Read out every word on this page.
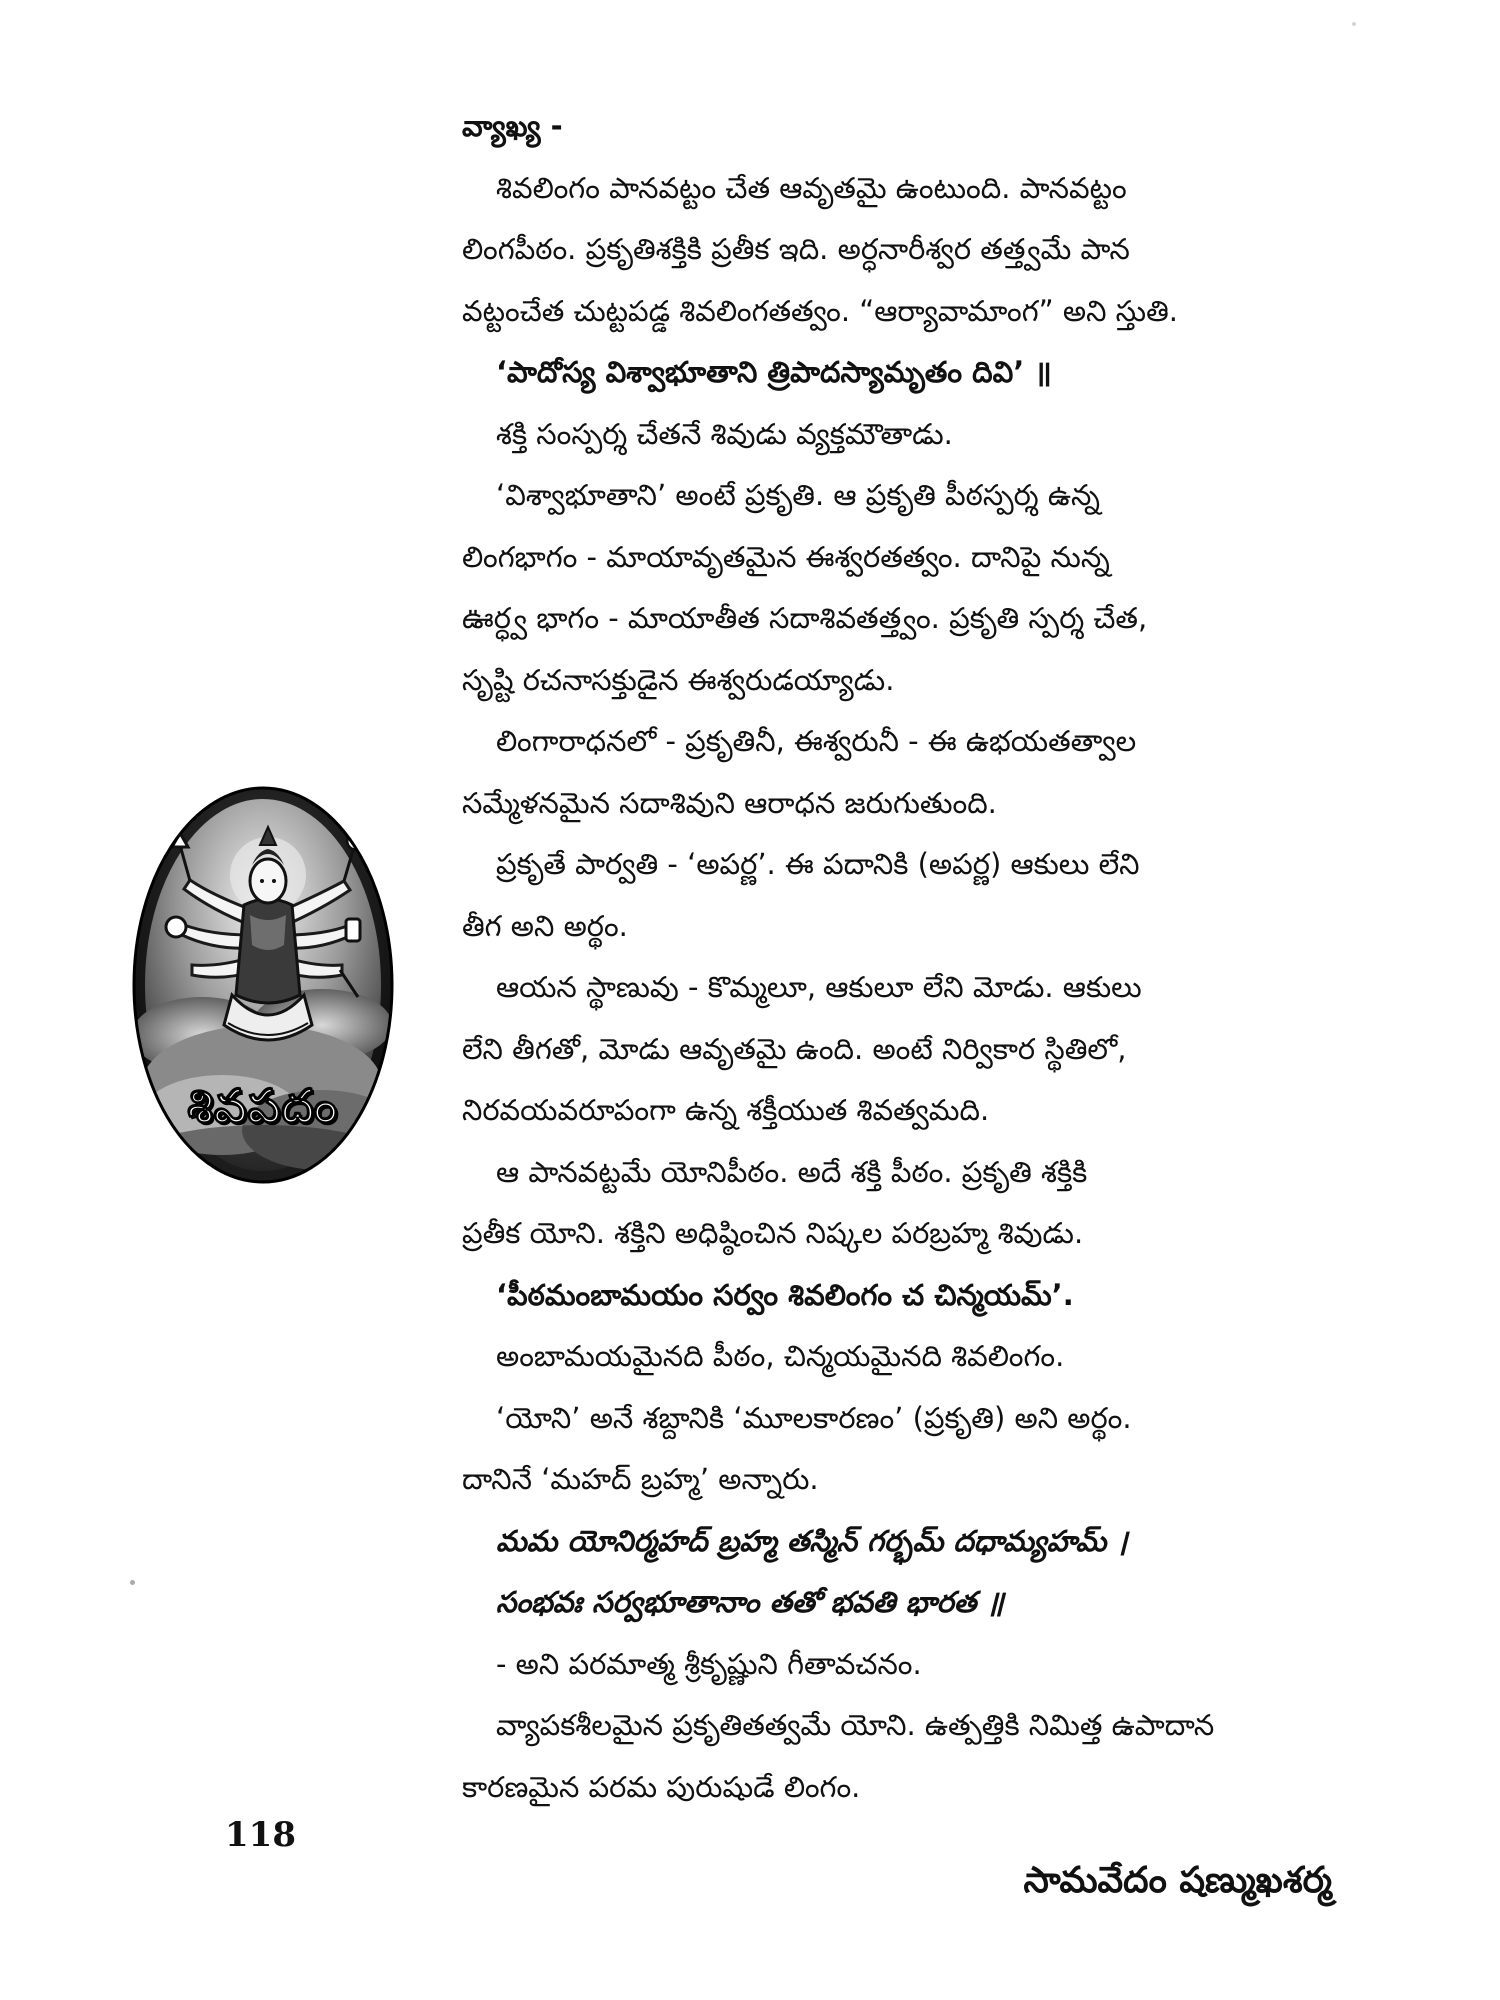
వ్యాఖ్య -
శివలింగం పానవట్టం చేత ఆవృతమై ఉంటుంది. పానవట్టం
లింగపీఠం. ప్రకృతిశక్తికి ప్రతీక ఇది. అర్ధనారీశ్వర తత్త్వమే పాన
వట్టంచేత చుట్టపడ్డ శివలింగతత్వం. “ఆర్యావామాంగ” అని స్తుతి.
‘పాదోస్య విశ్వాభూతాని త్రిపాదస్యామృతం దివి’ ॥
శక్తి సంస్పర్శ చేతనే శివుడు వ్యక్తమౌతాడు.
‘విశ్వాభూతాని’ అంటే ప్రకృతి. ఆ ప్రకృతి పీఠస్పర్శ ఉన్న
లింగభాగం - మాయావృతమైన ఈశ్వరతత్వం. దానిపై నున్న
ఊర్ధ్వ భాగం - మాయాతీత సదాశివతత్త్వం. ప్రకృతి స్పర్శ చేత,
సృష్టి రచనాసక్తుడైన ఈశ్వరుడయ్యాడు.
లింగారాధనలో - ప్రకృతినీ, ఈశ్వరునీ - ఈ ఉభయతత్వాల
సమ్మేళనమైన సదాశివుని ఆరాధన జరుగుతుంది.
ప్రకృతే పార్వతి - ‘అపర్ణ’. ఈ పదానికి (అపర్ణ) ఆకులు లేని
తీగ అని అర్థం.
ఆయన స్థాణువు - కొమ్మలూ, ఆకులూ లేని మోడు. ఆకులు
లేని తీగతో, మోడు ఆవృతమై ఉంది. అంటే నిర్వికార స్థితిలో,
నిరవయవరూపంగా ఉన్న శక్తీయుత శివత్వమది.
ఆ పానవట్టమే యోనిపీఠం. అదే శక్తి పీఠం. ప్రకృతి శక్తికి
ప్రతీక యోని. శక్తిని అధిష్ఠించిన నిష్కల పరబ్రహ్మ శివుడు.
‘పీఠమంబామయం సర్వం శివలింగం చ చిన్మయమ్’.
అంబామయమైనది పీఠం, చిన్మయమైనది శివలింగం.
‘యోని’ అనే శబ్దానికి ‘మూలకారణం’ (ప్రకృతి) అని అర్థం.
దానినే ‘మహద్ బ్రహ్మ’ అన్నారు.
మమ యోనిర్మహద్ బ్రహ్మ తస్మిన్ గర్భమ్ దధామ్యహమ్ ।
సంభవః సర్వభూతానాం తతో భవతి భారత ॥
- అని పరమాత్మ శ్రీకృష్ణుని గీతావచనం.
వ్యాపకశీలమైన ప్రకృతితత్వమే యోని. ఉత్పత్తికి నిమిత్త ఉపాదాన
కారణమైన పరమ పురుషుడే లింగం.
శివపదం
118
సామవేదం షణ్ముఖశర్మ
